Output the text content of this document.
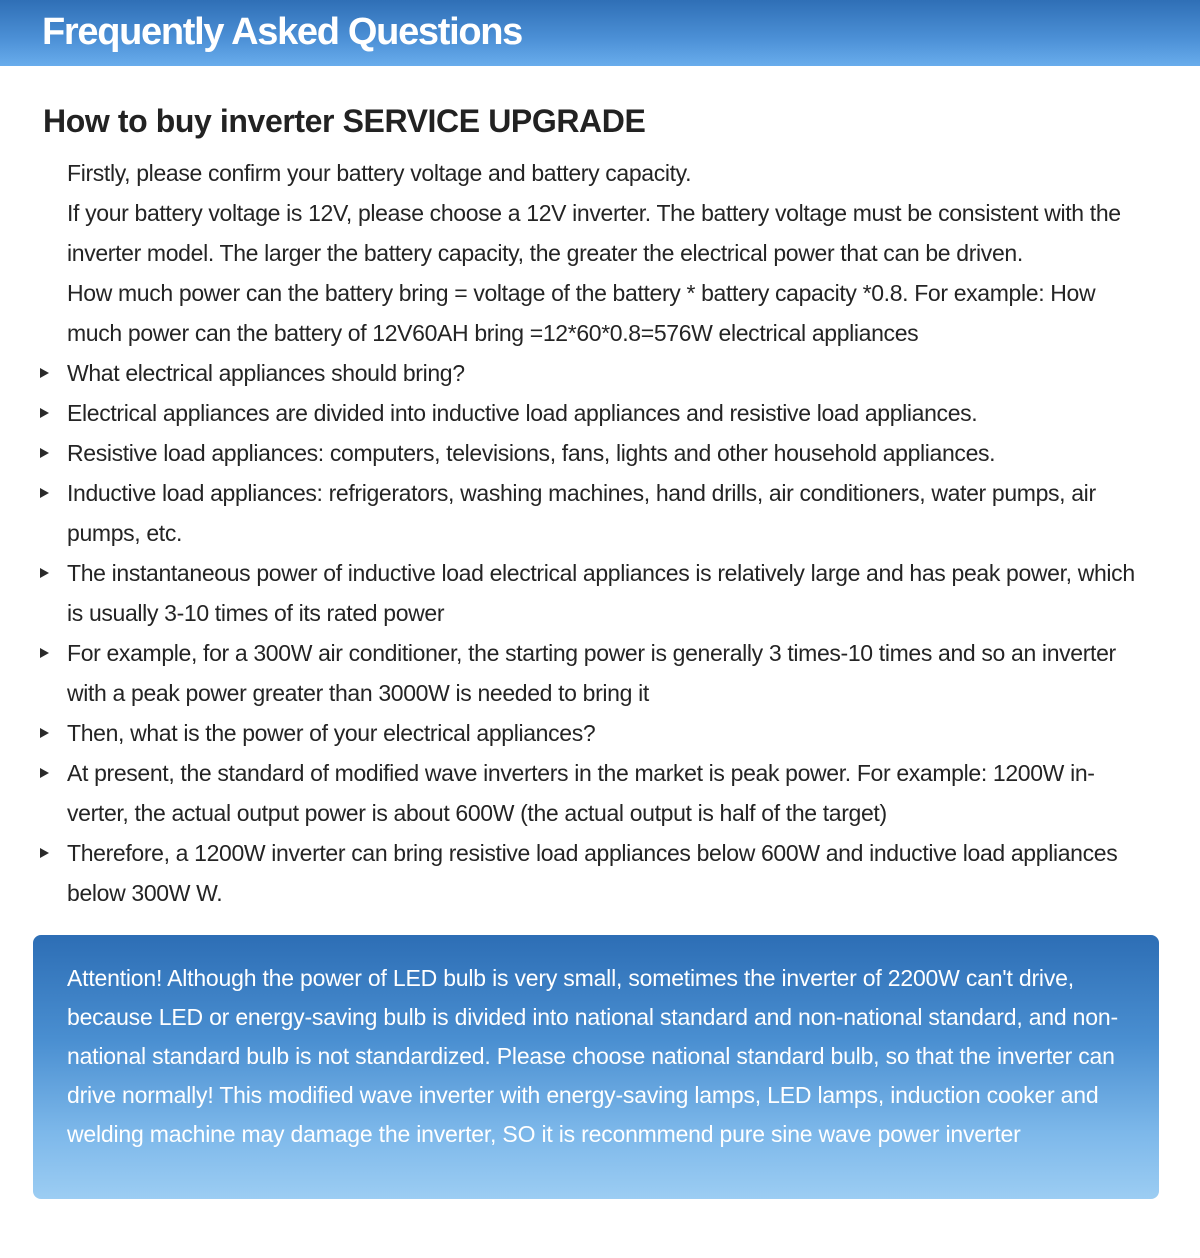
Frequently Asked Questions
How to buy inverter SERVICE UPGRADE

Firstly, please confirm your battery voltage and battery capacity.

If your battery voltage is 12V, please choose a 12V inverter. The battery voltage must be consistent with the inverter model. The larger the battery capacity, the greater the electrical power that can be driven.

How much power can the battery bring = voltage of the battery * battery capacity *0.8. For example: How much power can the battery of 12V60AH bring =12*60*0.8=576W electrical appliances

What electrical appliances should bring?
Electrical appliances are divided into inductive load appliances and resistive load appliances.
Resistive load appliances: computers, televisions, fans, lights and other household appliances.
Inductive load appliances: refrigerators, washing machines, hand drills, air conditioners, water pumps, air pumps, etc.
The instantaneous power of inductive load electrical appliances is relatively large and has peak power, which is usually 3-10 times of its rated power
For example, for a 300W air conditioner, the starting power is generally 3 times-10 times and so an inverter with a peak power greater than 3000W is needed to bring it
Then, what is the power of your electrical appliances?
At present, the standard of modified wave inverters in the market is peak power. For example: 1200W inverter, the actual output power is about 600W (the actual output is half of the target)
Therefore, a 1200W inverter can bring resistive load appliances below 600W and inductive load appliances below 300W W.

Attention! Although the power of LED bulb is very small, sometimes the inverter of 2200W can't drive, because LED or energy-saving bulb is divided into national standard and non-national standard, and non-national standard bulb is not standardized. Please choose national standard bulb, so that the inverter can drive normally! This modified wave inverter with energy-saving lamps, LED lamps, induction cooker and welding machine may damage the inverter, SO it is reconmmend pure sine wave power inverter
